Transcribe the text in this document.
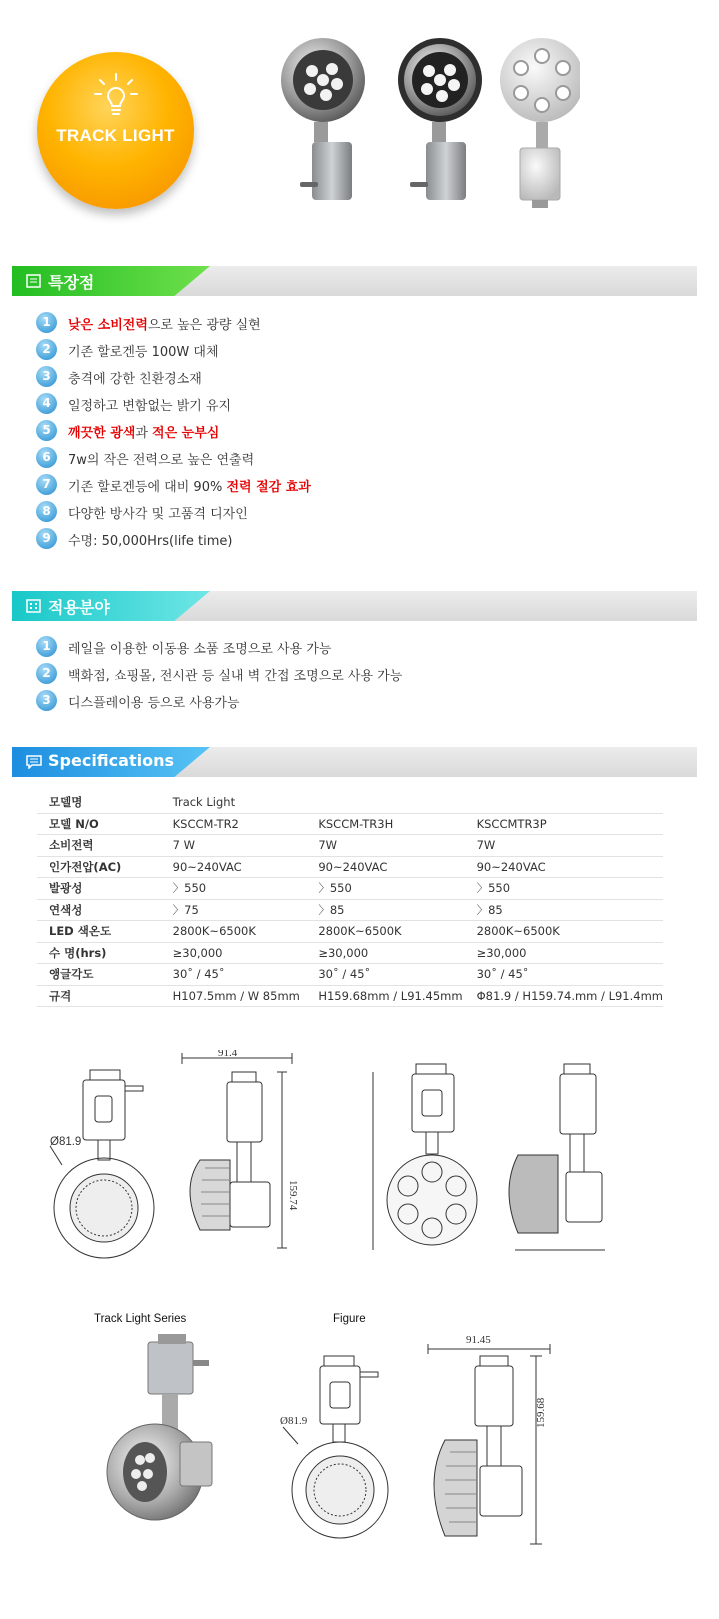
TRACK LIGHT
특장점
1	낮은 소비전력으로 높은 광량 실현
2	기존 할로겐등 100W 대체
3	충격에 강한 친환경소재
4	일정하고 변함없는 밝기 유지
5	깨끗한 광색과 적은 눈부심
6	7w의 작은 전력으로 높은 연출력
7	기존 할로겐등에 대비 90% 전력 절감 효과
8	다양한 방사각 및 고품격 디자인
9	수명: 50,000Hrs(life time)
적용분야
1	레일을 이용한 이동용 소품 조명으로 사용 가능
2	백화점, 쇼핑몰, 전시관 등 실내 벽 간접 조명으로 사용 가능
3	디스플레이용 등으로 사용가능
Specifications
모델명	Track Light		
모델 N/O	KSCCM-TR2	KSCCM-TR3H	KSCCMTR3P
소비전력	7 W	7W	7W
인가전압(AC)	90~240VAC	90~240VAC	90~240VAC
발광성	〉550	〉550	〉550
연색성	〉75	〉85	〉85
LED 색온도	2800K~6500K	2800K~6500K	2800K~6500K
수 명(hrs)	≥30,000	≥30,000	≥30,000
앵글각도	30˚ / 45˚	30˚ / 45˚	30˚ / 45˚
규격	H107.5mm / W 85mm	H159.68mm / L91.45mm	Φ81.9 / H159.74.mm / L91.4mm
Ø81.9
91.4
159.74
Track Light Series	Figure
Ø81.9
91.45
159.68
